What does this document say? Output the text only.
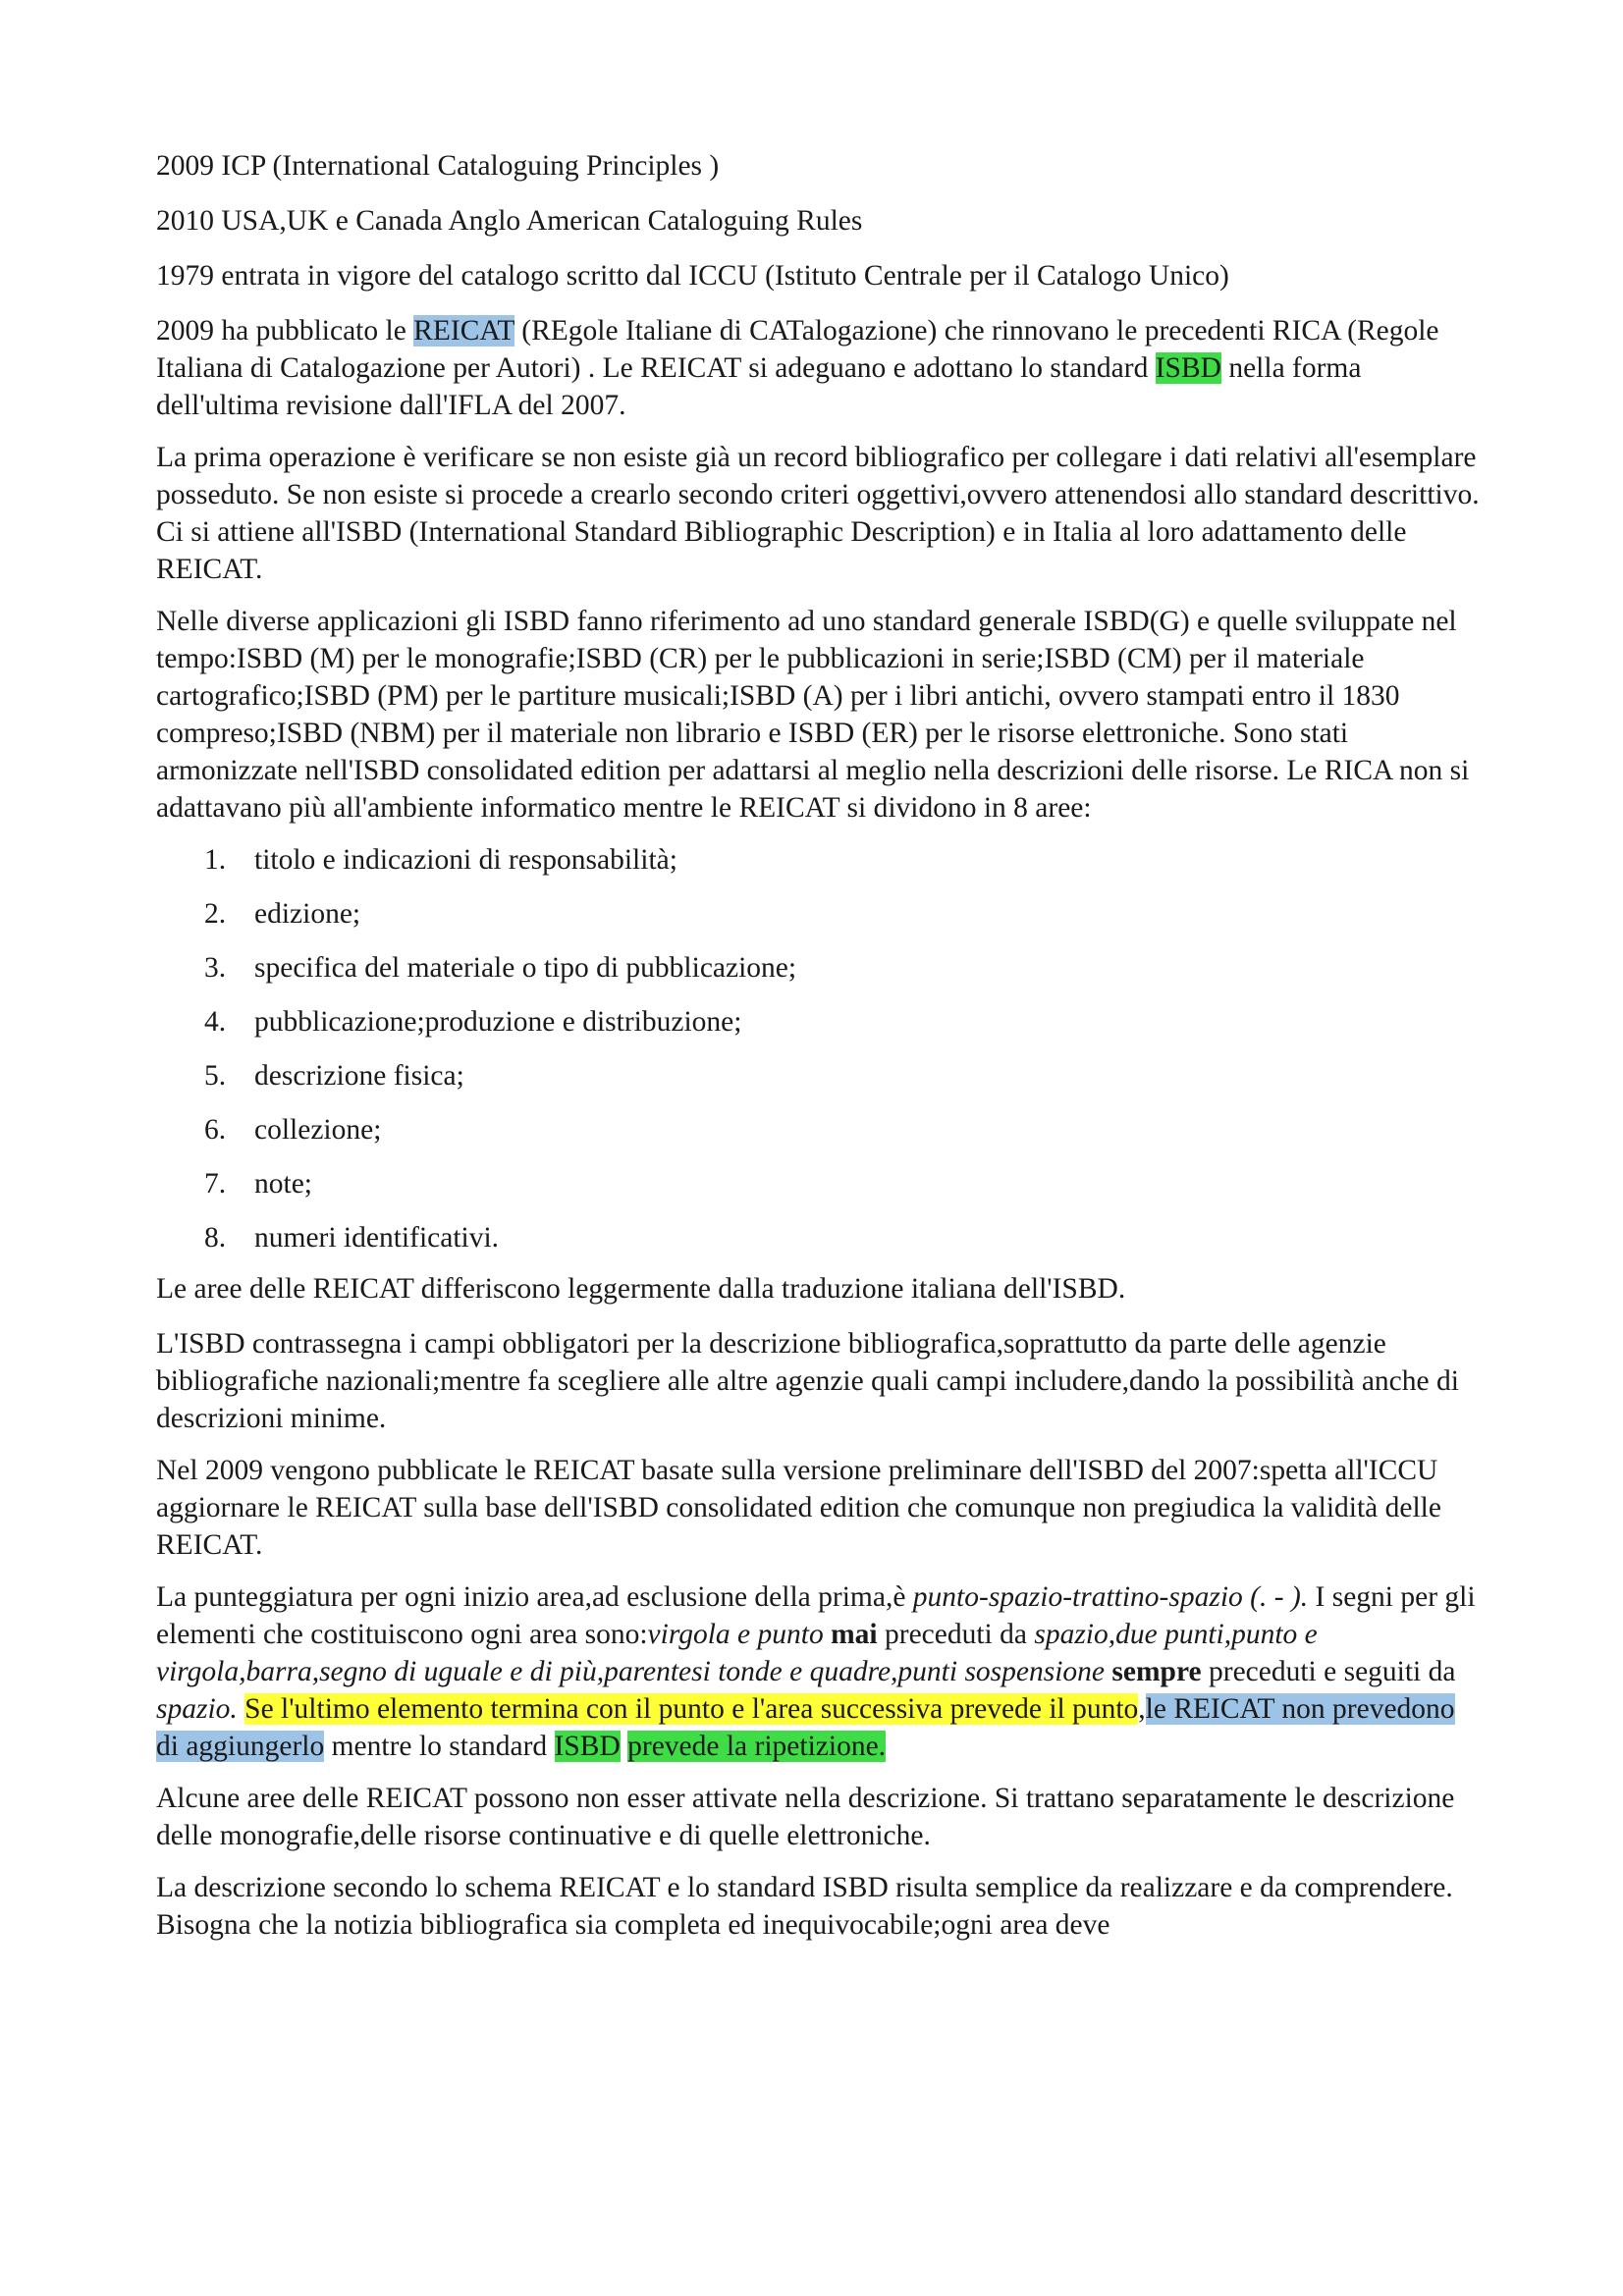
2009 ICP (International Cataloguing Principles )

2010 USA,UK e Canada Anglo American Cataloguing Rules

1979 entrata in vigore del catalogo scritto dal ICCU (Istituto Centrale per il Catalogo Unico)

2009 ha pubblicato le REICAT (REgole Italiane di CATalogazione) che rinnovano le precedenti RICA (Regole Italiana di Catalogazione per Autori) . Le REICAT si adeguano e adottano lo standard ISBD nella forma dell'ultima revisione dall'IFLA del 2007.

La prima operazione è verificare se non esiste già un record bibliografico per collegare i dati relativi all'esemplare posseduto. Se non esiste si procede a crearlo secondo criteri oggettivi,ovvero attenendosi allo standard descrittivo. Ci si attiene all'ISBD (International Standard Bibliographic Description) e in Italia al loro adattamento delle REICAT.

Nelle diverse applicazioni gli ISBD fanno riferimento ad uno standard generale ISBD(G) e quelle sviluppate nel tempo:ISBD (M) per le monografie;ISBD (CR) per le pubblicazioni in serie;ISBD (CM) per il materiale cartografico;ISBD (PM) per le partiture musicali;ISBD (A) per i libri antichi, ovvero stampati entro il 1830 compreso;ISBD (NBM) per il materiale non librario e ISBD (ER) per le risorse elettroniche. Sono stati armonizzate nell'ISBD consolidated edition per adattarsi al meglio nella descrizioni delle risorse. Le RICA non si adattavano più all'ambiente informatico mentre le REICAT si dividono in 8 aree:

1. titolo e indicazioni di responsabilità;
2. edizione;
3. specifica del materiale o tipo di pubblicazione;
4. pubblicazione;produzione e distribuzione;
5. descrizione fisica;
6. collezione;
7. note;
8. numeri identificativi.

Le aree delle REICAT differiscono leggermente dalla traduzione italiana dell'ISBD.

L'ISBD contrassegna i campi obbligatori per la descrizione bibliografica,soprattutto da parte delle agenzie bibliografiche nazionali;mentre fa scegliere alle altre agenzie quali campi includere,dando la possibilità anche di descrizioni minime.

Nel 2009 vengono pubblicate le REICAT basate sulla versione preliminare dell'ISBD del 2007:spetta all'ICCU aggiornare le REICAT sulla base dell'ISBD consolidated edition che comunque non pregiudica la validità delle REICAT.

La punteggiatura per ogni inizio area,ad esclusione della prima,è punto-spazio-trattino-spazio (. - ). I segni per gli elementi che costituiscono ogni area sono:virgola e punto mai preceduti da spazio,due punti,punto e virgola,barra,segno di uguale e di più,parentesi tonde e quadre,punti sospensione sempre preceduti e seguiti da spazio. Se l'ultimo elemento termina con il punto e l'area successiva prevede il punto,le REICAT non prevedono di aggiungerlo mentre lo standard ISBD prevede la ripetizione.

Alcune aree delle REICAT possono non esser attivate nella descrizione. Si trattano separatamente le descrizione delle monografie,delle risorse continuative e di quelle elettroniche.

La descrizione secondo lo schema REICAT e lo standard ISBD risulta semplice da realizzare e da comprendere. Bisogna che la notizia bibliografica sia completa ed inequivocabile;ogni area deve
